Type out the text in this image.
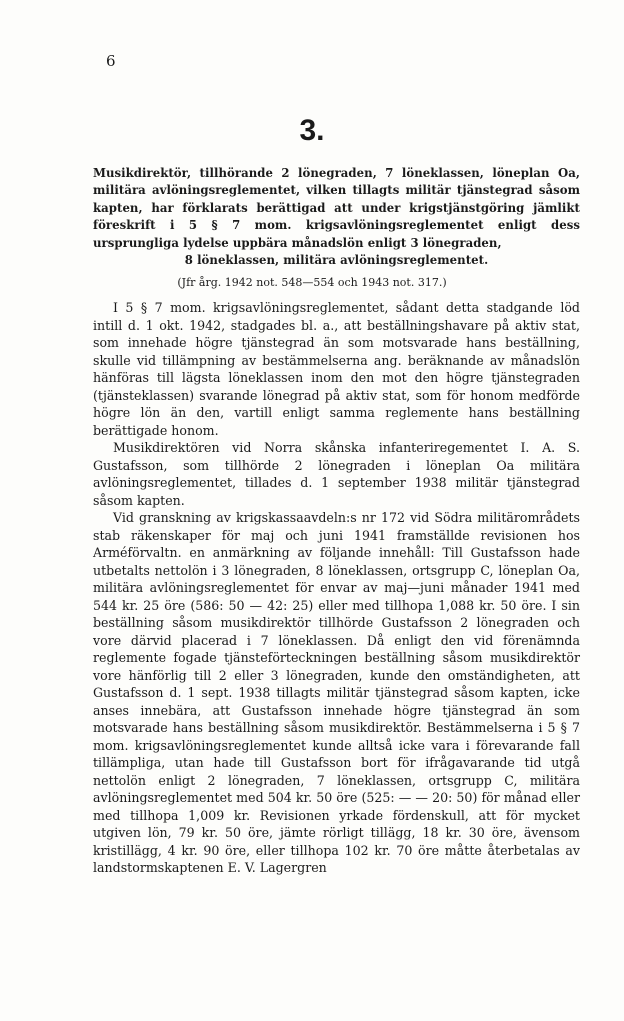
6
3.
Musikdirektör, tillhörande 2 lönegraden, 7 löneklassen, löneplan Oa, militära avlöningsreglementet, vilken tillagts militär tjänstegrad såsom kapten, har förklarats berättigad att under krigstjänstgöring jämlikt föreskrift i 5 § 7 mom. krigsavlöningsreglementet enligt dess ursprungliga lydelse uppbära månadslön enligt 3 lönegraden,
8 löneklassen, militära avlöningsreglementet.
(Jfr årg. 1942 not. 548—554 och 1943 not. 317.)

I 5 § 7 mom. krigsavlöningsreglementet, sådant detta stadgande löd intill d. 1 okt. 1942, stadgades bl. a., att beställningshavare på aktiv stat, som innehade högre tjänstegrad än som motsvarade hans beställning, skulle vid tillämpning av bestämmelserna ang. beräknande av månadslön hänföras till lägsta löneklassen inom den mot den högre tjänstegraden (tjänsteklassen) svarande lönegrad på aktiv stat, som för honom medförde högre lön än den, vartill enligt samma reglemente hans beställning berättigade honom.

Musikdirektören vid Norra skånska infanteriregementet I. A. S. Gustafsson, som tillhörde 2 lönegraden i löneplan Oa militära avlöningsreglementet, tillades d. 1 september 1938 militär tjänstegrad såsom kapten.

Vid granskning av krigskassaavdeln:s nr 172 vid Södra militärområdets stab räkenskaper för maj och juni 1941 framställde revisionen hos Arméförvaltn. en anmärkning av följande innehåll: Till Gustafsson hade utbetalts nettolön i 3 lönegraden, 8 löneklassen, ortsgrupp C, löneplan Oa, militära avlöningsreglementet för envar av maj—juni månader 1941 med 544 kr. 25 öre (586: 50 — 42: 25) eller med tillhopa 1,088 kr. 50 öre. I sin beställning såsom musikdirektör tillhörde Gustafsson 2 lönegraden och vore därvid placerad i 7 löneklassen. Då enligt den vid förenämnda reglemente fogade tjänsteförteckningen beställning såsom musikdirektör vore hänförlig till 2 eller 3 lönegraden, kunde den omständigheten, att Gustafsson d. 1 sept. 1938 tillagts militär tjänstegrad såsom kapten, icke anses innebära, att Gustafsson innehade högre tjänstegrad än som motsvarade hans beställning såsom musikdirektör. Bestämmelserna i 5 § 7 mom. krigsavlöningsreglementet kunde alltså icke vara i förevarande fall tillämpliga, utan hade till Gustafsson bort för ifrågavarande tid utgå nettolön enligt 2 lönegraden, 7 löneklassen, ortsgrupp C, militära avlöningsreglementet med 504 kr. 50 öre (525: — — 20: 50) för månad eller med tillhopa 1,009 kr. Revisionen yrkade fördenskull, att för mycket utgiven lön, 79 kr. 50 öre, jämte rörligt tillägg, 18 kr. 30 öre, ävensom kristillägg, 4 kr. 90 öre, eller tillhopa 102 kr. 70 öre måtte återbetalas av landstormskaptenen E. V. Lagergren
